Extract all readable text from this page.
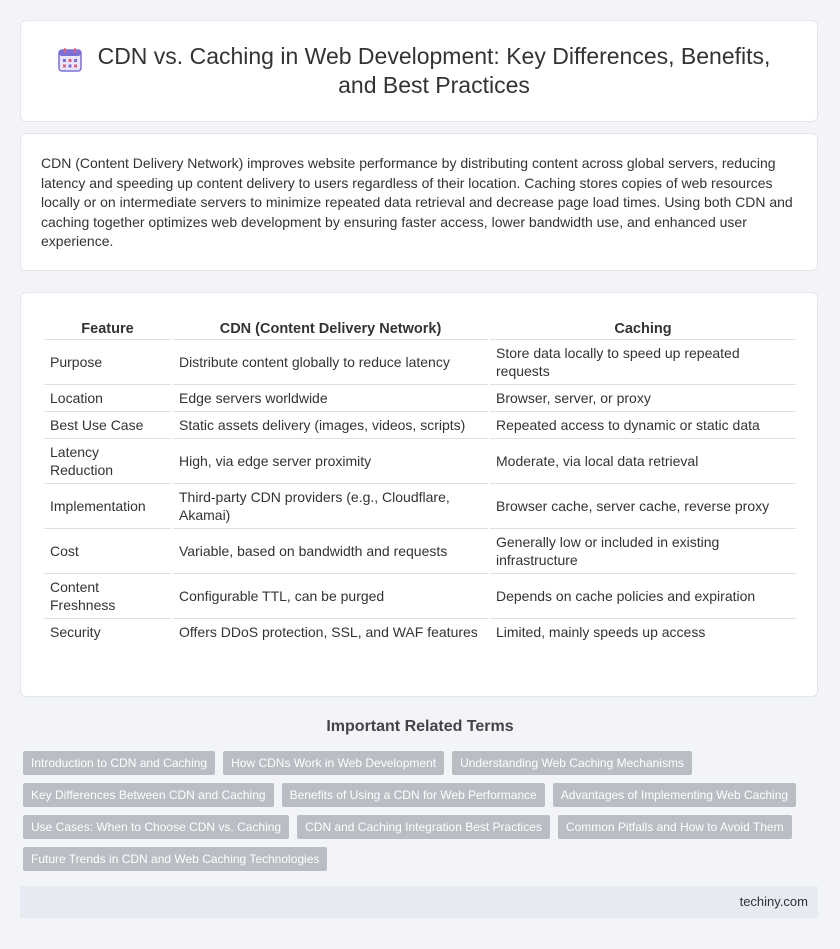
CDN vs. Caching in Web Development: Key Differences, Benefits, and Best Practices

CDN (Content Delivery Network) improves website performance by distributing content across global servers, reducing latency and speeding up content delivery to users regardless of their location. Caching stores copies of web resources locally or on intermediate servers to minimize repeated data retrieval and decrease page load times. Using both CDN and caching together optimizes web development by ensuring faster access, lower bandwidth use, and enhanced user experience.

Feature	CDN (Content Delivery Network)	Caching
Purpose	Distribute content globally to reduce latency	Store data locally to speed up repeated requests
Location	Edge servers worldwide	Browser, server, or proxy
Best Use Case	Static assets delivery (images, videos, scripts)	Repeated access to dynamic or static data
Latency Reduction	High, via edge server proximity	Moderate, via local data retrieval
Implementation	Third-party CDN providers (e.g., Cloudflare, Akamai)	Browser cache, server cache, reverse proxy
Cost	Variable, based on bandwidth and requests	Generally low or included in existing infrastructure
Content Freshness	Configurable TTL, can be purged	Depends on cache policies and expiration
Security	Offers DDoS protection, SSL, and WAF features	Limited, mainly speeds up access
Important Related Terms
Introduction to CDN and Caching	How CDNs Work in Web Development	Understanding Web Caching Mechanisms
Key Differences Between CDN and Caching	Benefits of Using a CDN for Web Performance	Advantages of Implementing Web Caching
Use Cases: When to Choose CDN vs. Caching	CDN and Caching Integration Best Practices	Common Pitfalls and How to Avoid Them
Future Trends in CDN and Web Caching Technologies
techiny.com
